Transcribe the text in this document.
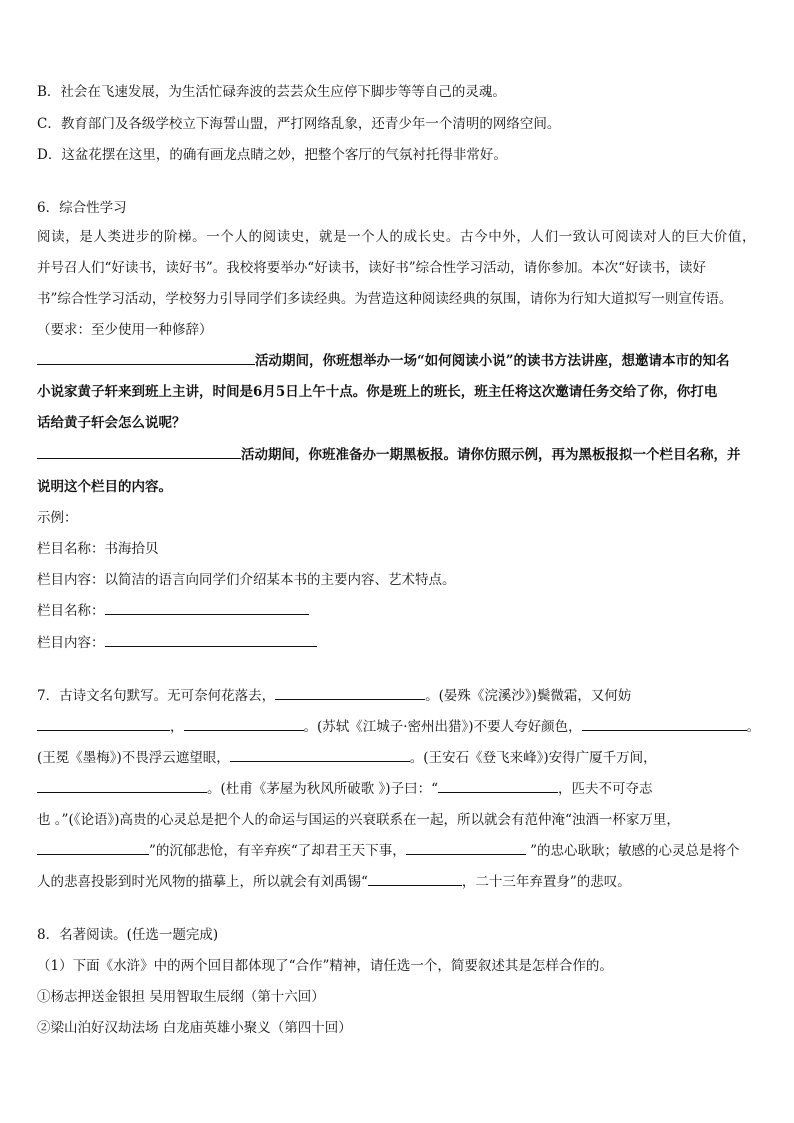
B．社会在飞速发展，为生活忙碌奔波的芸芸众生应停下脚步等等自己的灵魂。
C．教育部门及各级学校立下海誓山盟，严打网络乱象，还青少年一个清明的网络空间。
D．这盆花摆在这里，的确有画龙点睛之妙，把整个客厅的气氛衬托得非常好。
6．综合性学习
阅读，是人类进步的阶梯。一个人的阅读史，就是一个人的成长史。古今中外，人们一致认可阅读对人的巨大价值，
并号召人们“好读书，读好书”。我校将要举办“好读书，读好书”综合性学习活动，请你参加。本次“好读书，读好
书”综合性学习活动，学校努力引导同学们多读经典。为营造这种阅读经典的氛围，请你为行知大道拟写一则宣传语。
（要求：至少使用一种修辞）
活动期间，你班想举办一场“如何阅读小说”的读书方法讲座，想邀请本市的知名
小说家黄子轩来到班上主讲，时间是6月5日上午十点。你是班上的班长，班主任将这次邀请任务交给了你，你打电
话给黄子轩会怎么说呢？
活动期间，你班准备办一期黑板报。请你仿照示例，再为黑板报拟一个栏目名称，并
说明这个栏目的内容。
示例：
栏目名称：书海拾贝
栏目内容：以简洁的语言向同学们介绍某本书的主要内容、艺术特点。
栏目名称：
栏目内容：
7．古诗文名句默写。无可奈何花落去，	。(晏殊《浣溪沙》)鬓微霜，又何妨
，	。(苏轼《江城子·密州出猎》)不要人夸好颜色，	。
(王冕《墨梅》)不畏浮云遮望眼，	。(王安石《登飞来峰》)安得广厦千万间，
。(杜甫《茅屋为秋风所破歌 》)子曰：“	，匹夫不可夺志
也 。”(《论语》)高贵的心灵总是把个人的命运与国运的兴衰联系在一起，所以就会有范仲淹“浊酒一杯家万里，
”的沉郁悲怆，有辛弃疾“了却君王天下事，	”的忠心耿耿；敏感的心灵总是将个
人的悲喜投影到时光风物的描摹上，所以就会有刘禹锡“	，二十三年弃置身”的悲叹。
8．名著阅读。(任选一题完成)
（1）下面《水浒》中的两个回目都体现了“合作”精神，请任选一个，简要叙述其是怎样合作的。
①杨志押送金银担 吴用智取生辰纲（第十六回）
②梁山泊好汉劫法场 白龙庙英雄小聚义（第四十回）
